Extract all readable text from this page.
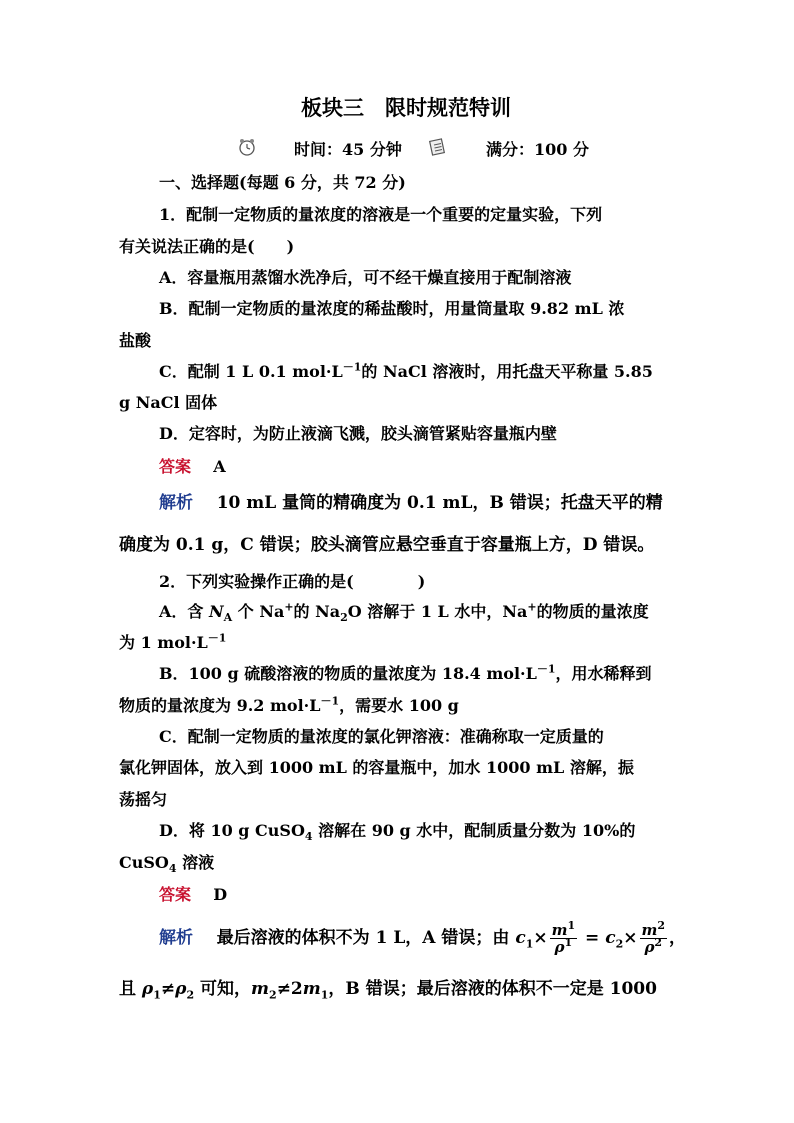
板块三　限时规范特训
时间：45 分钟	满分：100 分
一、选择题(每题 6 分，共 72 分)
1．配制一定物质的量浓度的溶液是一个重要的定量实验，下列
有关说法正确的是(　　)
A．容量瓶用蒸馏水洗净后，可不经干燥直接用于配制溶液
B．配制一定物质的量浓度的稀盐酸时，用量筒量取 9.82 mL 浓
盐酸
C．配制 1 L 0.1 $mol\cdot L^{-1}$的 NaCl 溶液时，用托盘天平称量 5.85
g NaCl 固体
D．定容时，为防止液滴飞溅，胶头滴管紧贴容量瓶内壁
答案 A
解析 10 mL 量筒的精确度为 0.1 mL，B 错误；托盘天平的精
确度为 0.1 g，C 错误；胶头滴管应悬空垂直于容量瓶上方，D 错误。
2．下列实验操作正确的是(　　　　)
A．含 $N_A$ 个 Na+的 $Na_2O$ 溶解于 1 L 水中，Na+的物质的量浓度
为 1 $mol\cdot L^{-1}$
B．100 g 硫酸溶液的物质的量浓度为 18.4 $mol\cdot L^{-1}$，用水稀释到
物质的量浓度为 9.2 $mol\cdot L^{-1}$，需要水 100 g
C．配制一定物质的量浓度的氯化钾溶液：准确称取一定质量的
氯化钾固体，放入到 1000 mL 的容量瓶中，加水 1000 mL 溶解，振
荡摇匀
D．将 10 g CuSO$_4$ 溶解在 90 g 水中，配制质量分数为 10%的
CuSO$_4$ 溶液
答案 D
解析 最后溶液的体积不为 1 L，A 错误；由 $c_1\times \frac{m^1}{\rho^1} = c_2\times \frac{m^2}{\rho^2}$ ，
且 $\rho_1\ne\rho_2$ 可知，$m_2\ne 2m_1$，B 错误；最后溶液的体积不一定是 1000
